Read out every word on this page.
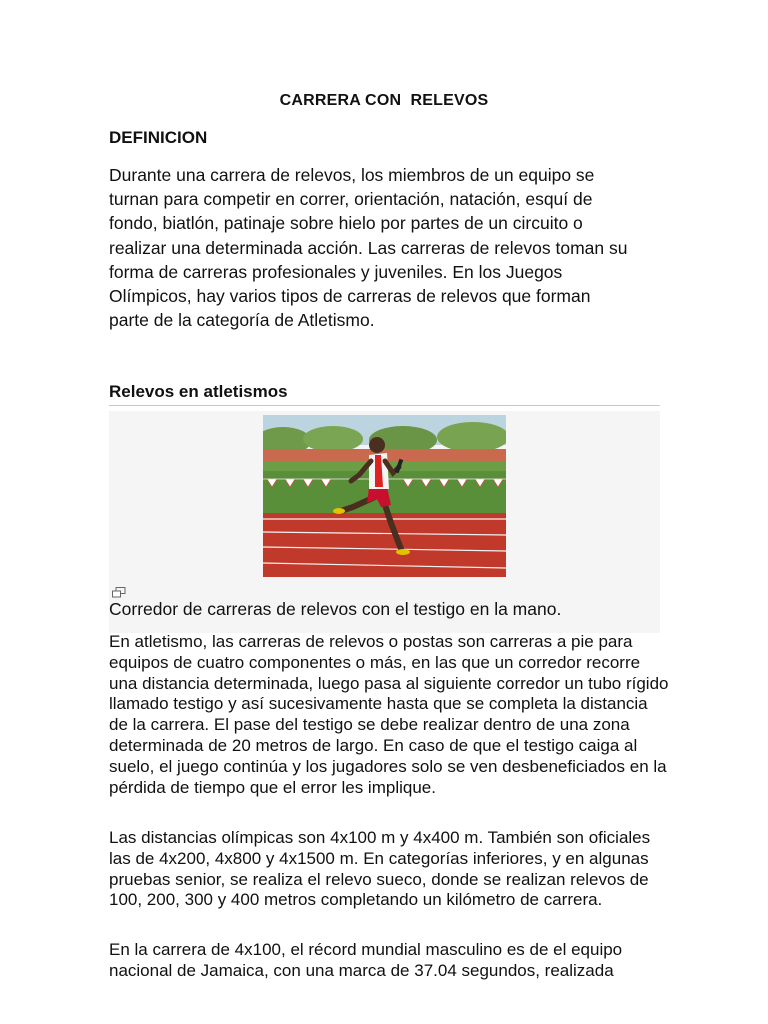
CARRERA CON  RELEVOS
DEFINICION

Durante una carrera de relevos, los miembros de un equipo se turnan para competir en correr, orientación, natación, esquí de fondo, biatlón, patinaje sobre hielo por partes de un circuito o realizar una determinada acción. Las carreras de relevos toman su forma de carreras profesionales y juveniles. En los Juegos Olímpicos, hay varios tipos de carreras de relevos que forman parte de la categoría de Atletismo.

Relevos en atletismos
Corredor de carreras de relevos con el testigo en la mano.

En atletismo, las carreras de relevos o postas son carreras a pie para equipos de cuatro componentes o más, en las que un corredor recorre una distancia determinada, luego pasa al siguiente corredor un tubo rígido llamado testigo y así sucesivamente hasta que se completa la distancia de la carrera. El pase del testigo se debe realizar dentro de una zona determinada de 20 metros de largo. En caso de que el testigo caiga al suelo, el juego continúa y los jugadores solo se ven desbeneficiados en la pérdida de tiempo que el error les implique.

Las distancias olímpicas son 4x100 m y 4x400 m. También son oficiales las de 4x200, 4x800 y 4x1500 m. En categorías inferiores, y en algunas pruebas senior, se realiza el relevo sueco, donde se realizan relevos de 100, 200, 300 y 400 metros completando un kilómetro de carrera.

En la carrera de 4x100, el récord mundial masculino es de el equipo nacional de Jamaica, con una marca de 37.04 segundos, realizada
